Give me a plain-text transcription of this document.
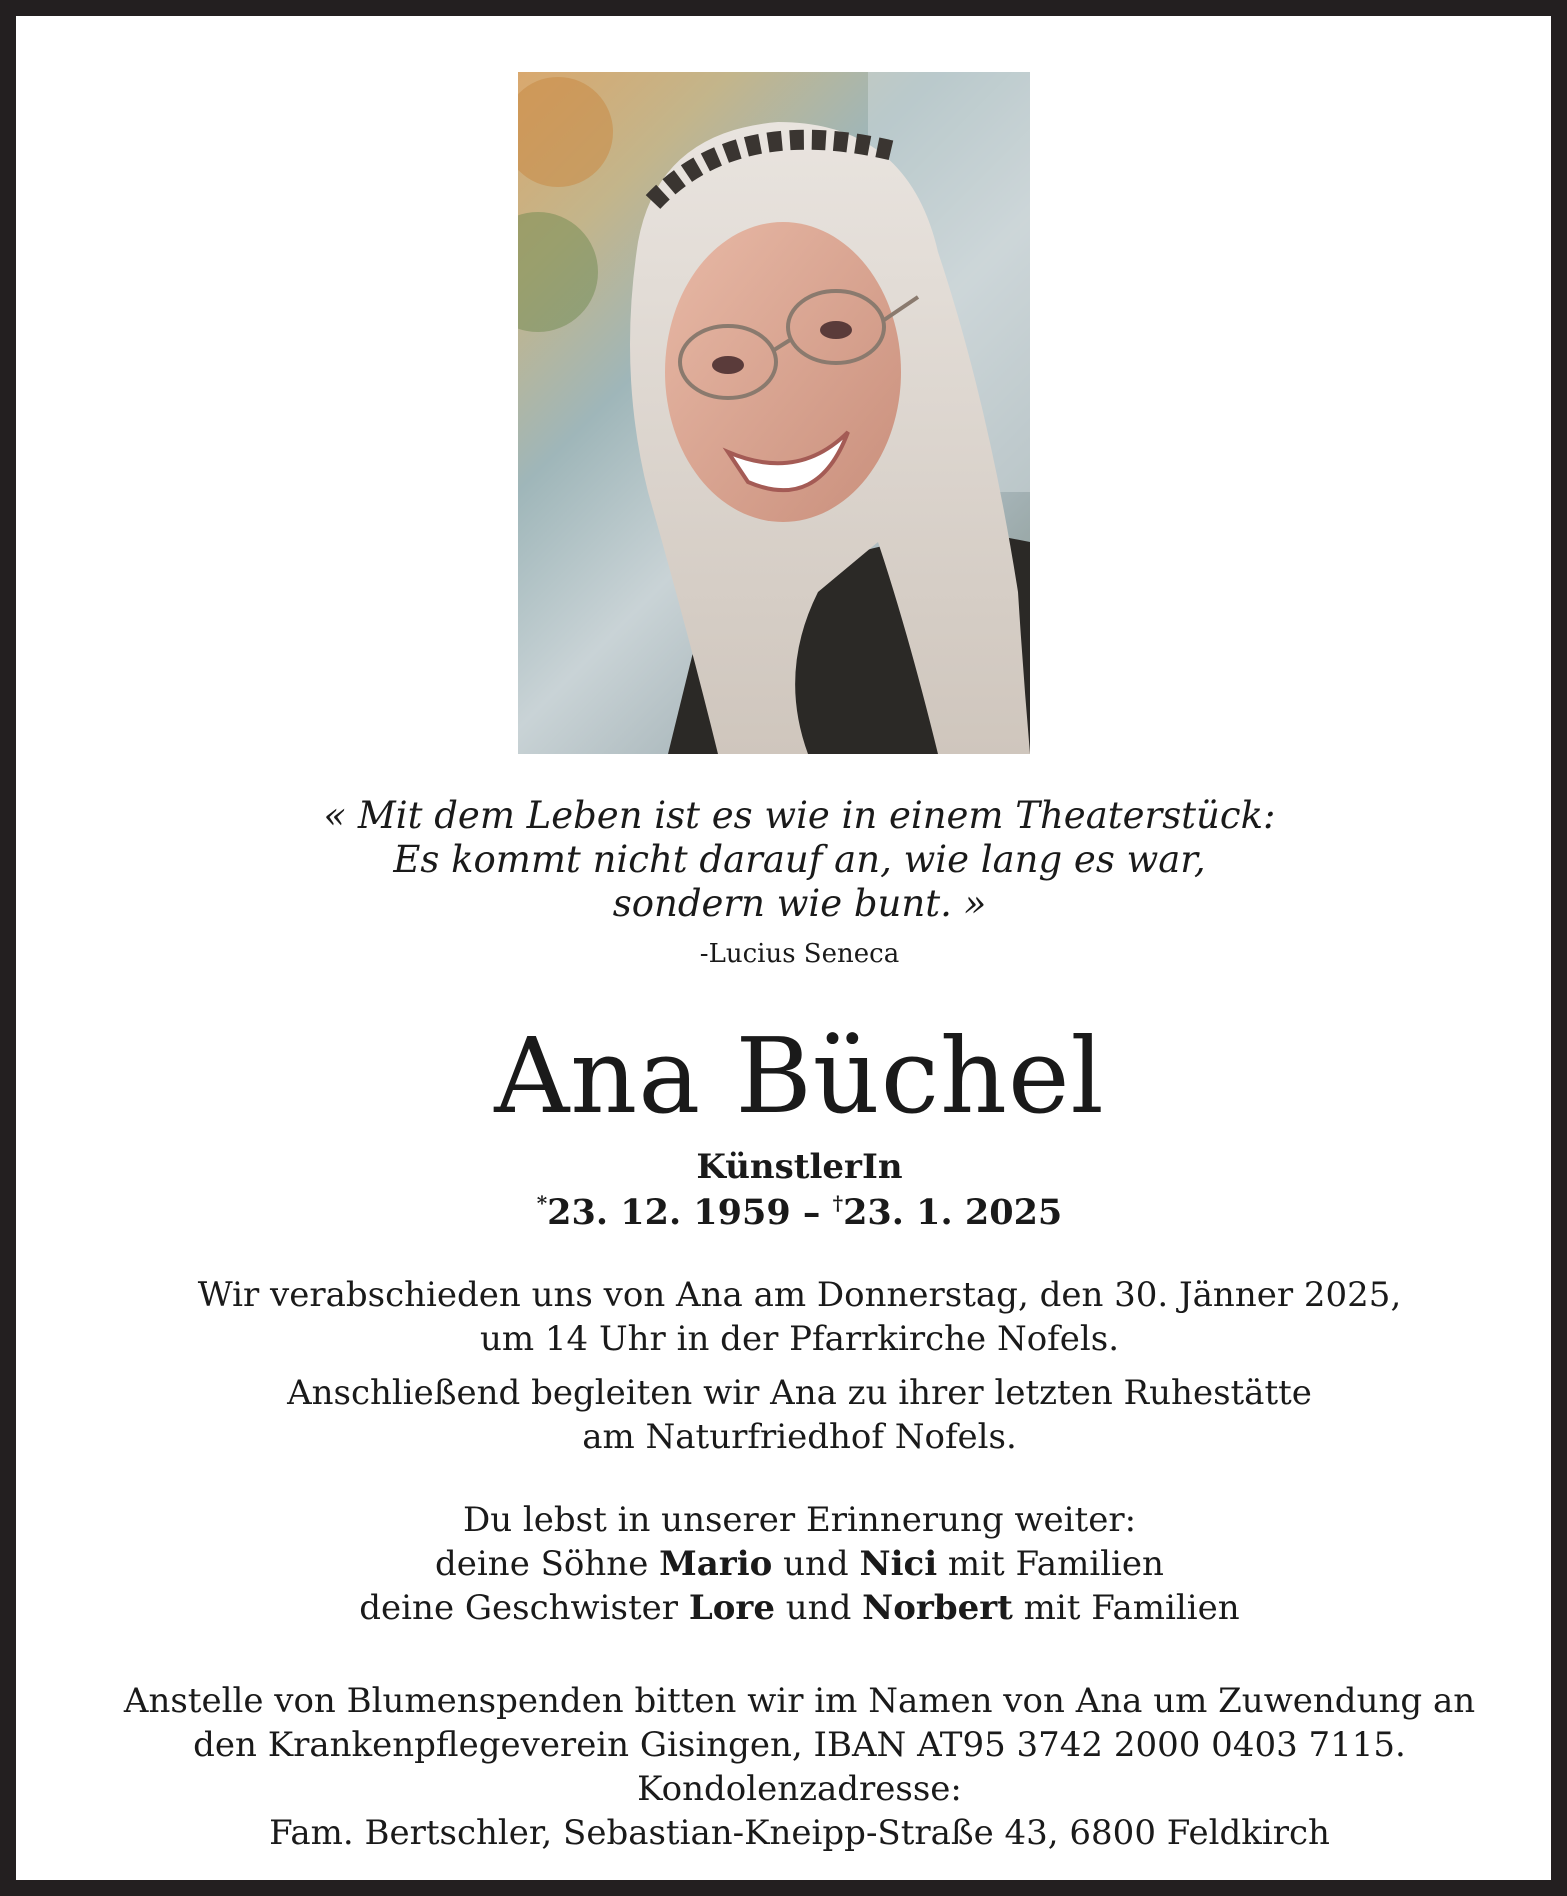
« Mit dem Leben ist es wie in einem Theaterstück:
Es kommt nicht darauf an, wie lang es war,
sondern wie bunt. »
-Lucius Seneca
Ana Büchel
KünstlerIn
*23. 12. 1959 – †23. 1. 2025
Wir verabschieden uns von Ana am Donnerstag, den 30. Jänner 2025,
um 14 Uhr in der Pfarrkirche Nofels.
Anschließend begleiten wir Ana zu ihrer letzten Ruhestätte
am Naturfriedhof Nofels.
Du lebst in unserer Erinnerung weiter:
deine Söhne Mario und Nici mit Familien
deine Geschwister Lore und Norbert mit Familien
Anstelle von Blumenspenden bitten wir im Namen von Ana um Zuwendung an
den Krankenpflegeverein Gisingen, IBAN AT95 3742 2000 0403 7115.
Kondolenzadresse:
Fam. Bertschler, Sebastian-Kneipp-Straße 43, 6800 Feldkirch
